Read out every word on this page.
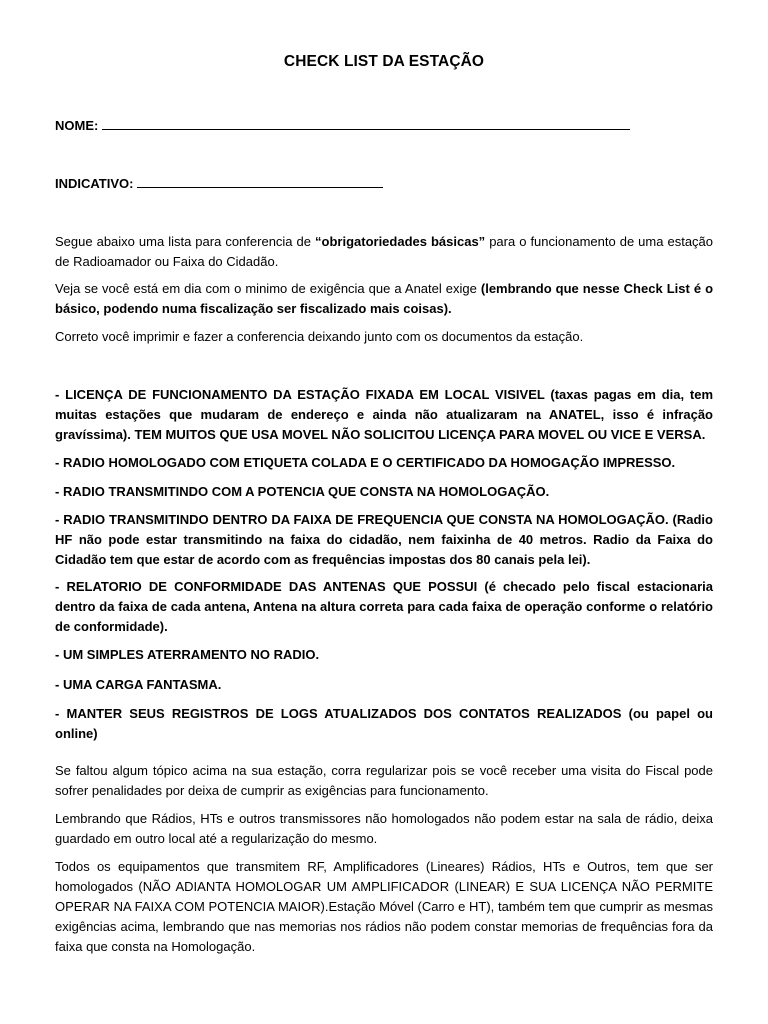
CHECK LIST DA ESTAÇÃO
NOME:
INDICATIVO:

Segue abaixo uma lista para conferencia de “obrigatoriedades básicas” para o funcionamento de uma estação de Radioamador ou Faixa do Cidadão.

Veja se você está em dia com o minimo de exigência que a Anatel exige (lembrando que nesse Check List é o básico, podendo numa fiscalização ser fiscalizado mais coisas).

Correto você imprimir e fazer a conferencia deixando junto com os documentos da estação.

- LICENÇA DE FUNCIONAMENTO DA ESTAÇÃO FIXADA EM LOCAL VISIVEL (taxas pagas em dia, tem muitas estações que mudaram de endereço e ainda não atualizaram na ANATEL, isso é infração gravíssima). TEM MUITOS QUE USA MOVEL NÃO SOLICITOU LICENÇA PARA MOVEL OU VICE E VERSA.

- RADIO HOMOLOGADO COM ETIQUETA COLADA E O CERTIFICADO DA HOMOGAÇÃO IMPRESSO.

- RADIO TRANSMITINDO COM A POTENCIA QUE CONSTA NA HOMOLOGAÇÃO.

- RADIO TRANSMITINDO DENTRO DA FAIXA DE FREQUENCIA QUE CONSTA NA HOMOLOGAÇÃO. (Radio HF não pode estar transmitindo na faixa do cidadão, nem faixinha de 40 metros. Radio da Faixa do Cidadão tem que estar de acordo com as frequências impostas dos 80 canais pela lei).

- RELATORIO DE CONFORMIDADE DAS ANTENAS QUE POSSUI (é checado pelo fiscal estacionaria dentro da faixa de cada antena, Antena na altura correta para cada faixa de operação conforme o relatório de conformidade).

- UM SIMPLES ATERRAMENTO NO RADIO.

- UMA CARGA FANTASMA.

- MANTER SEUS REGISTROS DE LOGS ATUALIZADOS DOS CONTATOS REALIZADOS (ou papel ou online)

Se faltou algum tópico acima na sua estação, corra regularizar pois se você receber uma visita do Fiscal pode sofrer penalidades por deixa de cumprir as exigências para funcionamento.

Lembrando que Rádios, HTs e outros transmissores não homologados não podem estar na sala de rádio, deixa guardado em outro local até a regularização do mesmo.

Todos os equipamentos que transmitem RF, Amplificadores (Lineares) Rádios, HTs e Outros, tem que ser homologados (NÃO ADIANTA HOMOLOGAR UM AMPLIFICADOR (LINEAR) E SUA LICENÇA NÃO PERMITE OPERAR NA FAIXA COM POTENCIA MAIOR).Estação Móvel (Carro e HT), também tem que cumprir as mesmas exigências acima, lembrando que nas memorias nos rádios não podem constar memorias de frequências fora da faixa que consta na Homologação.
